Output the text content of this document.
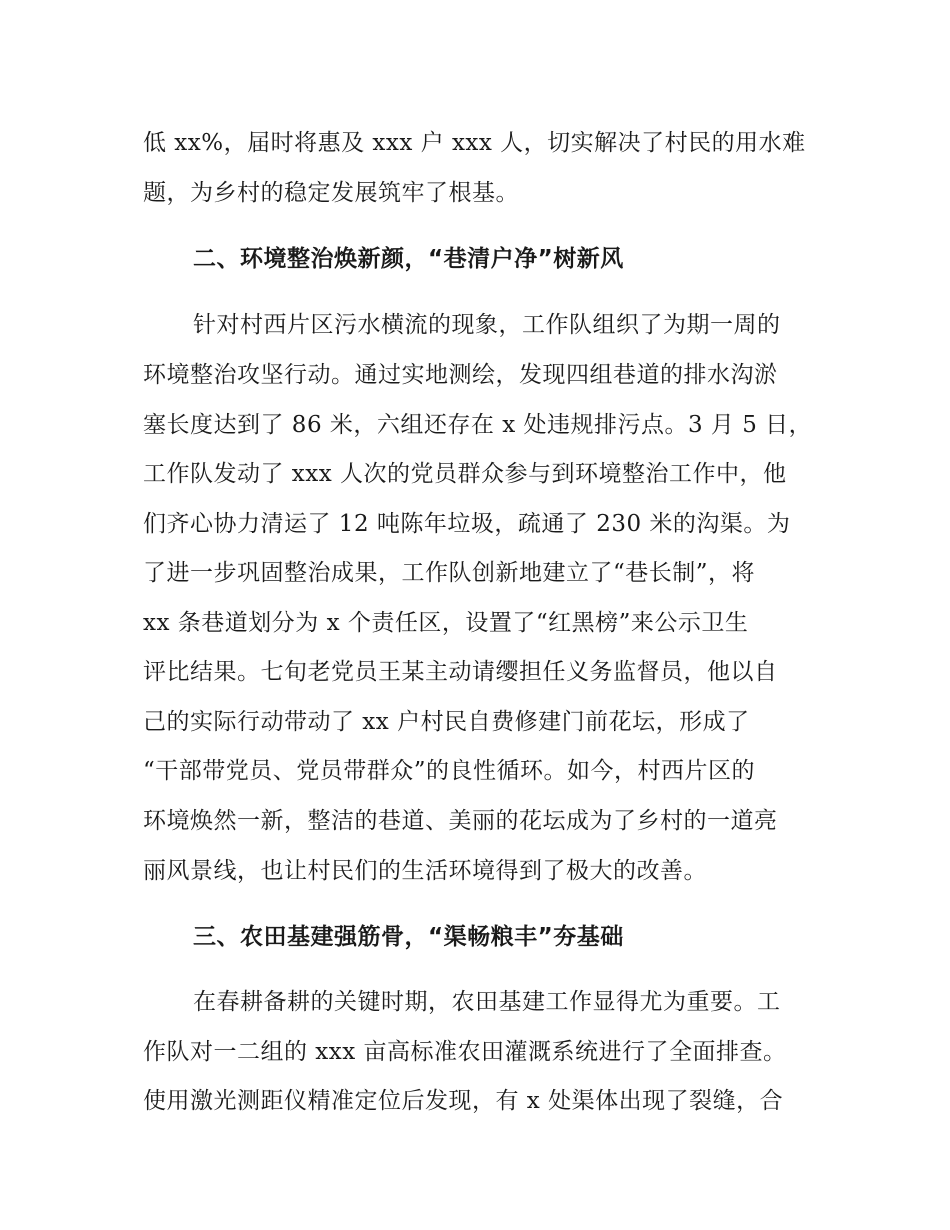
低 xx%，届时将惠及 xxx 户 xxx 人，切实解决了村民的用水难
题，为乡村的稳定发展筑牢了根基。
二、环境整治焕新颜，“巷清户净”树新风
针对村西片区污水横流的现象，工作队组织了为期一周的
环境整治攻坚行动。通过实地测绘，发现四组巷道的排水沟淤
塞长度达到了 86 米，六组还存在 x 处违规排污点。3 月 5 日，
工作队发动了 xxx 人次的党员群众参与到环境整治工作中，他
们齐心协力清运了 12 吨陈年垃圾，疏通了 230 米的沟渠。为
了进一步巩固整治成果，工作队创新地建立了“巷长制”，将
xx 条巷道划分为 x 个责任区，设置了“红黑榜”来公示卫生
评比结果。七旬老党员王某主动请缨担任义务监督员，他以自
己的实际行动带动了 xx 户村民自费修建门前花坛，形成了
“干部带党员、党员带群众”的良性循环。如今，村西片区的
环境焕然一新，整洁的巷道、美丽的花坛成为了乡村的一道亮
丽风景线，也让村民们的生活环境得到了极大的改善。
三、农田基建强筋骨，“渠畅粮丰”夯基础
在春耕备耕的关键时期，农田基建工作显得尤为重要。工
作队对一二组的 xxx 亩高标准农田灌溉系统进行了全面排查。
使用激光测距仪精准定位后发现，有 x 处渠体出现了裂缝，合
